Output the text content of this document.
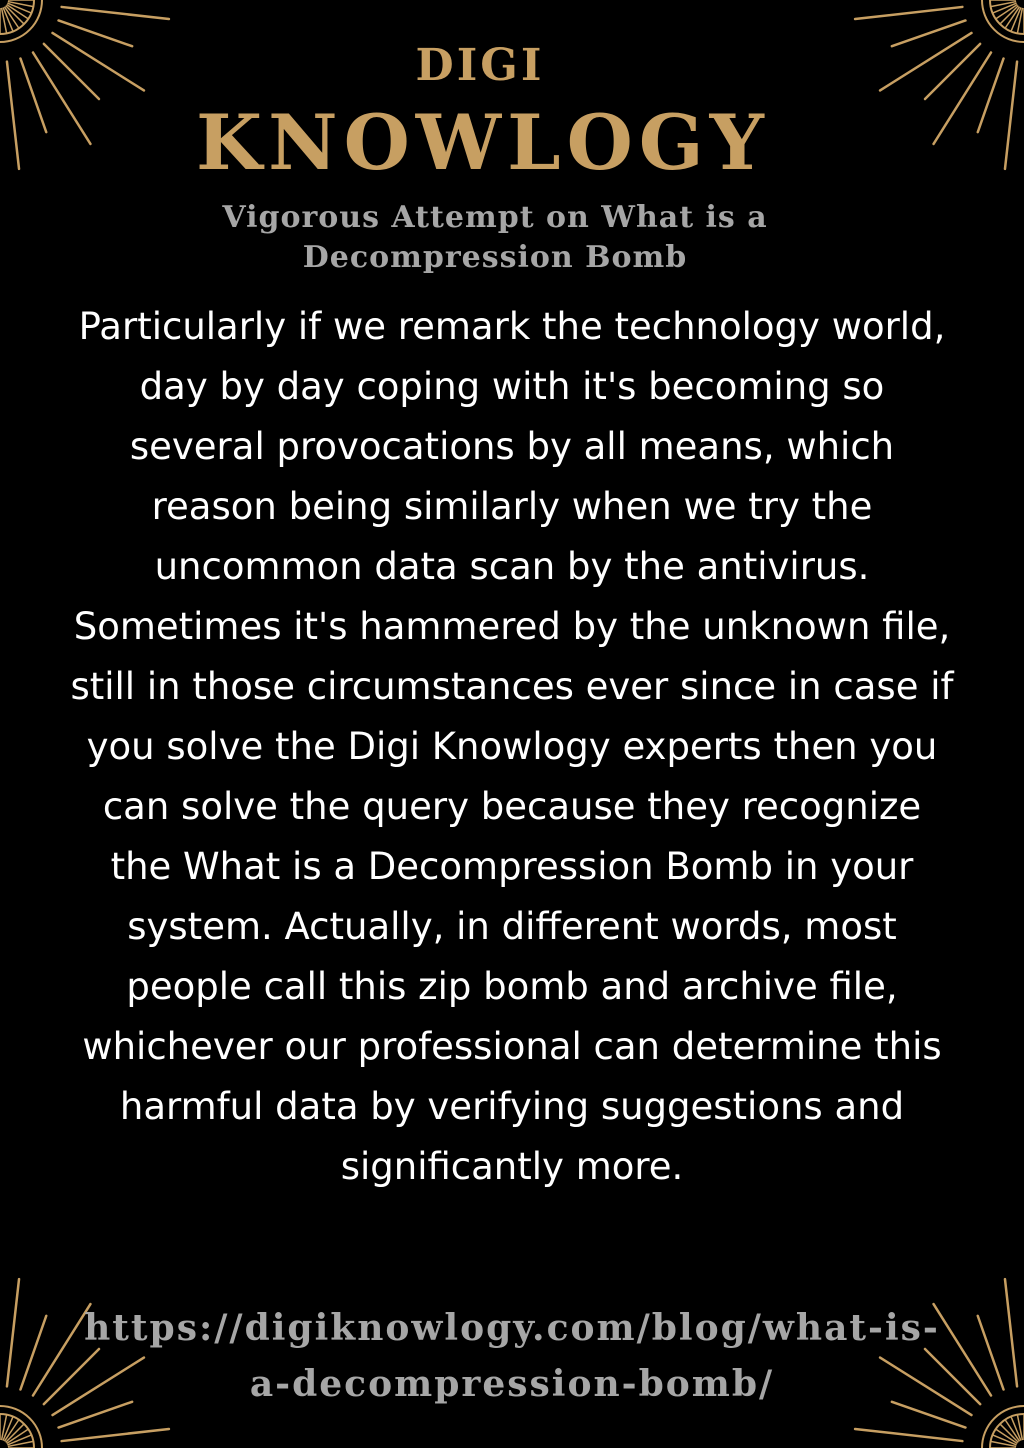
DIGI
KNOWLOGY
Vigorous Attempt on What is a Decompression Bomb
Particularly if we remark the technology world, day by day coping with it's becoming so several provocations by all means, which reason being similarly when we try the uncommon data scan by the antivirus. Sometimes it's hammered by the unknown file, still in those circumstances ever since in case if you solve the Digi Knowlogy experts then you can solve the query because they recognize the What is a Decompression Bomb in your system. Actually, in different words, most people call this zip bomb and archive file, whichever our professional can determine this harmful data by verifying suggestions and significantly more.
https://digiknowlogy.com/blog/what-is-a-decompression-bomb/
